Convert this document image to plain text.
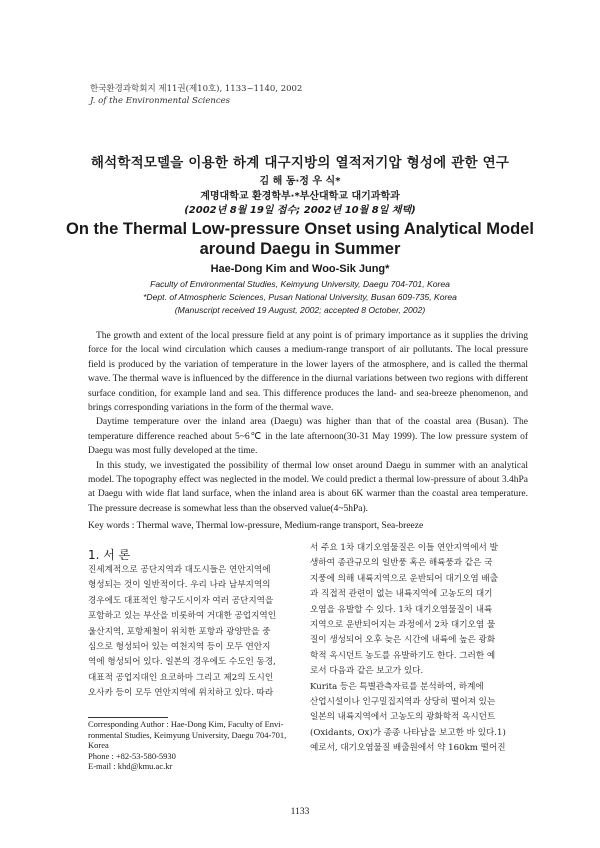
한국환경과학회지 제11권(제10호), 1133~1140, 2002
J. of the Environmental Sciences
해석학적모델을 이용한 하계 대구지방의 열적저기압 형성에 관한 연구
김 해 동·정 우 식*
계명대학교 환경학부·*부산대학교 대기과학과
(2002년 8월 19일 접수; 2002년 10월 8일 채택)
On the Thermal Low-pressure Onset using Analytical Model
around Daegu in Summer
Hae-Dong Kim and Woo-Sik Jung*
Faculty of Environmental Studies, Keimyung University, Daegu 704-701, Korea
*Dept. of Atmospheric Sciences, Pusan National University, Busan 609-735, Korea
(Manuscript received 19 August, 2002; accepted 8 October, 2002)

The growth and extent of the local pressure field at any point is of primary importance as it supplies the driving force for the local wind circulation which causes a medium-range transport of air pollutants. The local pressure field is produced by the variation of temperature in the lower layers of the atmosphere, and is called the thermal wave. The thermal wave is influenced by the difference in the diurnal variations between two regions with different surface condition, for example land and sea. This difference produces the land- and sea-breeze phenomenon, and brings corresponding variations in the form of the thermal wave.

Daytime temperature over the inland area (Daegu) was higher than that of the coastal area (Busan). The temperature difference reached about 5~6℃ in the late afternoon(30-31 May 1999). The low pressure system of Daegu was most fully developed at the time.

In this study, we investigated the possibility of thermal low onset around Daegu in summer with an analytical model. The topography effect was neglected in the model. We could predict a thermal low-pressure of about 3.4hPa at Daegu with wide flat land surface, when the inland area is about 6K warmer than the coastal area temperature. The pressure decrease is somewhat less than the observed value(4~5hPa).

Key words : Thermal wave, Thermal low-pressure, Medium-range transport, Sea-breeze
1. 서 론
진세계적으로 공단지역과 대도시들은 연안지역에
형성되는 것이 일반적이다. 우리 나라 남부지역의
경우에도 대표적인 항구도시이자 여러 공단지역을
포함하고 있는 부산을 비롯하여 거대한 공업지역인
울산지역, 포항제철이 위치한 포항과 광양만을 중
심으로 형성되어 있는 여천지역 등이 모두 연안지
역에 형성되어 있다. 일본의 경우에도 수도인 동경,
대표적 공업지대인 요코하마 그리고 제2의 도시인
오사카 등이 모두 연안지역에 위치하고 있다. 따라
서 주요 1차 대기오염물질은 이들 연안지역에서 발
생하여 종관규모의 일반풍 혹은 해륙풍과 같은 국
지풍에 의해 내륙지역으로 운반되어 대기오염 배출
과 직접적 관련이 없는 내륙지역에 고농도의 대기
오염을 유발할 수 있다. 1차 대기오염물질이 내륙
지역으로 운반되어지는 과정에서 2차 대기오염 물
질이 생성되어 오후 늦은 시간에 내륙에 높은 광화
학적 옥시던트 농도를 유발하기도 한다. 그러한 예
로서 다음과 같은 보고가 있다.
Kurita 등은 특별관측자료를 분석하여, 하계에
산업시설이나 인구밀집지역과 상당히 떨어져 있는
일본의 내륙지역에서 고농도의 광화학적 옥시던트
(Oxidants, Ox)가 종종 나타남을 보고한 바 있다.1)
예로서, 대기오염물질 배출원에서 약 160km 떨어진
Corresponding Author : Hae-Dong Kim, Faculty of Envi-
ronmental Studies, Keimyung University, Daegu 704-701,
Korea
Phone : +82-53-580-5930
E-mail : khd@kmu.ac.kr
1133
